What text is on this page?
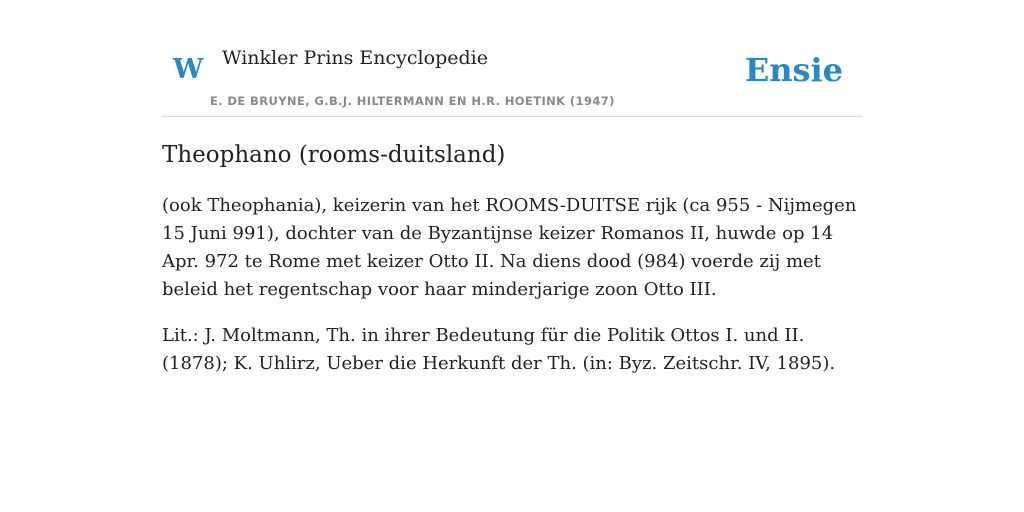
W Winkler Prins Encyclopedie	Ensie
E. DE BRUYNE, G.B.J. HILTERMANN EN H.R. HOETINK (1947)
Theophano (rooms-duitsland)

(ook Theophania), keizerin van het ROOMS-DUITSE rijk (ca 955 - Nijmegen 15 Juni 991), dochter van de Byzantijnse keizer Romanos II, huwde op 14 Apr. 972 te Rome met keizer Otto II. Na diens dood (984) voerde zij met beleid het regentschap voor haar minderjarige zoon Otto III.

Lit.: J. Moltmann, Th. in ihrer Bedeutung für die Politik Ottos I. und II. (1878); K. Uhlirz, Ueber die Herkunft der Th. (in: Byz. Zeitschr. IV, 1895).
